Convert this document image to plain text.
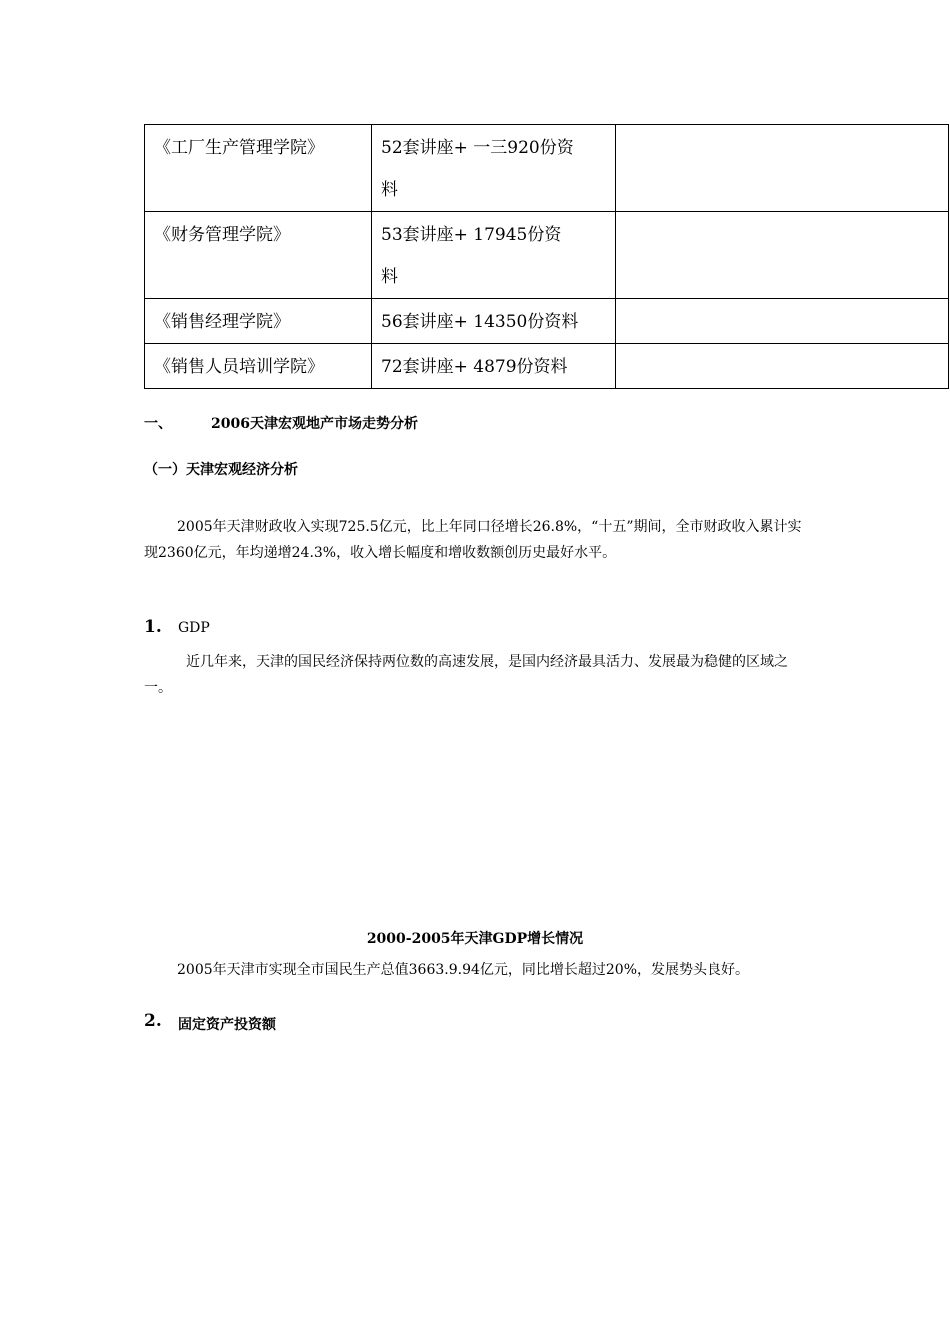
《工厂生产管理学院》	52套讲座+ 一三920份资
料	

《财务管理学院》	53套讲座+ 17945份资
料	

《销售经理学院》	56套讲座+ 14350份资料	

《销售人员培训学院》	72套讲座+ 4879份资料	

一、	2006天津宏观地产市场走势分析
（一）天津宏观经济分析

2005年天津财政收入实现725.5亿元，比上年同口径增长26.8%，“十五”期间，全市财政收入累计实现2360亿元，年均递增24.3%，收入增长幅度和增收数额创历史最好水平。

1. GDP

近几年来，天津的国民经济保持两位数的高速发展，是国内经济最具活力、发展最为稳健的区域之一。

2000-2005年天津GDP增长情况

2005年天津市实现全市国民生产总值3663.9.94亿元，同比增长超过20%，发展势头良好。

2. 固定资产投资额
